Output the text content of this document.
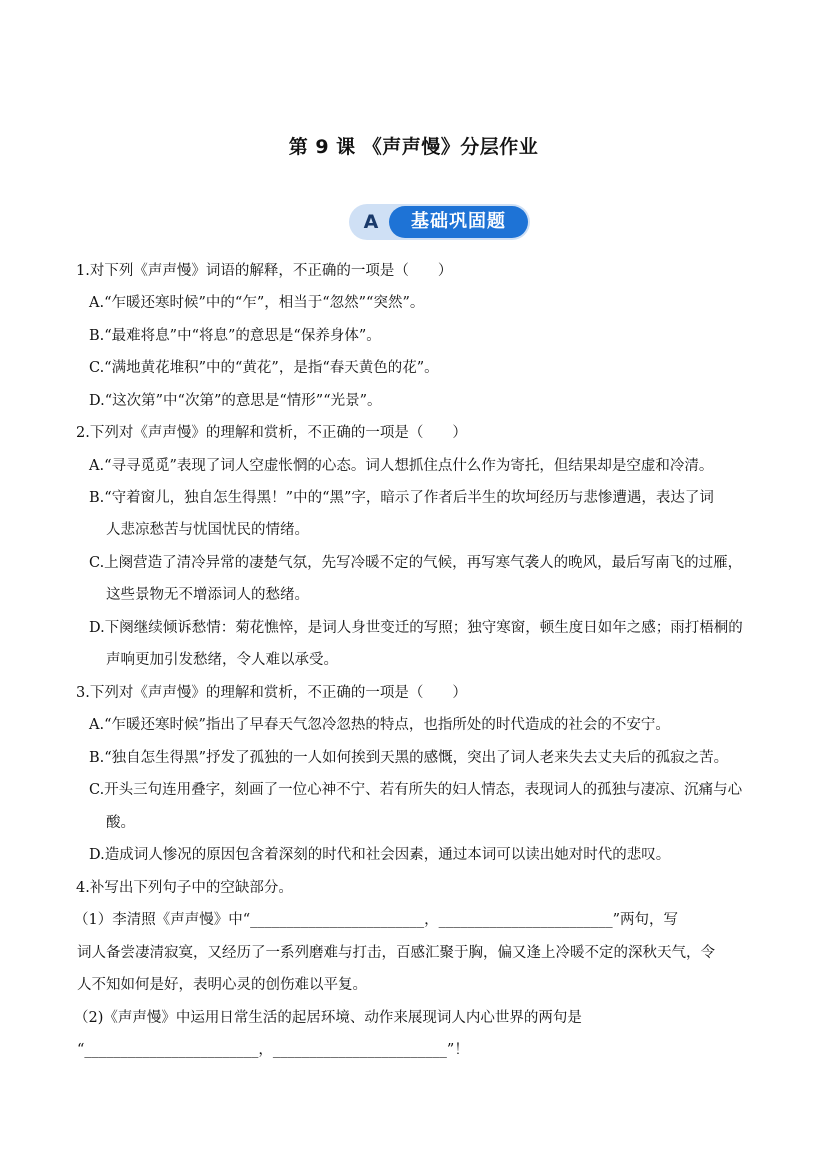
第 9 课 《声声慢》分层作业
A	基础巩固题
1.对下列《声声慢》词语的解释，不正确的一项是（　　）
A.“乍暖还寒时候”中的“乍”，相当于“忽然”“突然”。
B.“最难将息”中“将息”的意思是“保养身体”。
C.“满地黄花堆积”中的“黄花”，是指“春天黄色的花”。
D.“这次第”中“次第”的意思是“情形”“光景”。
2.下列对《声声慢》的理解和赏析，不正确的一项是（　　）
A.“寻寻觅觅”表现了词人空虚怅惘的心态。词人想抓住点什么作为寄托，但结果却是空虚和冷清。
B.“守着窗儿，独自怎生得黑！”中的“黑”字，暗示了作者后半生的坎坷经历与悲惨遭遇，表达了词
人悲凉愁苦与忧国忧民的情绪。
C.上阕营造了清冷异常的凄楚气氛，先写冷暖不定的气候，再写寒气袭人的晚风，最后写南飞的过雁，
这些景物无不增添词人的愁绪。
D.下阕继续倾诉愁情：菊花憔悴，是词人身世变迁的写照；独守寒窗，顿生度日如年之感；雨打梧桐的
声响更加引发愁绪，令人难以承受。
3.下列对《声声慢》的理解和赏析，不正确的一项是（　　）
A.“乍暖还寒时候”指出了早春天气忽冷忽热的特点，也指所处的时代造成的社会的不安宁。
B.“独自怎生得黑”抒发了孤独的一人如何挨到天黑的感慨，突出了词人老来失去丈夫后的孤寂之苦。
C.开头三句连用叠字，刻画了一位心神不宁、若有所失的妇人情态，表现词人的孤独与凄凉、沉痛与心
酸。
D.造成词人惨况的原因包含着深刻的时代和社会因素，通过本词可以读出她对时代的悲叹。
4.补写出下列句子中的空缺部分。
（1）李清照《声声慢》中“________________________，________________________”两句，写
词人备尝凄清寂寞，又经历了一系列磨难与打击，百感汇聚于胸，偏又逢上冷暖不定的深秋天气，令
人不知如何是好，表明心灵的创伤难以平复。
（2)《声声慢》中运用日常生活的起居环境、动作来展现词人内心世界的两句是
“________________________，________________________”！
